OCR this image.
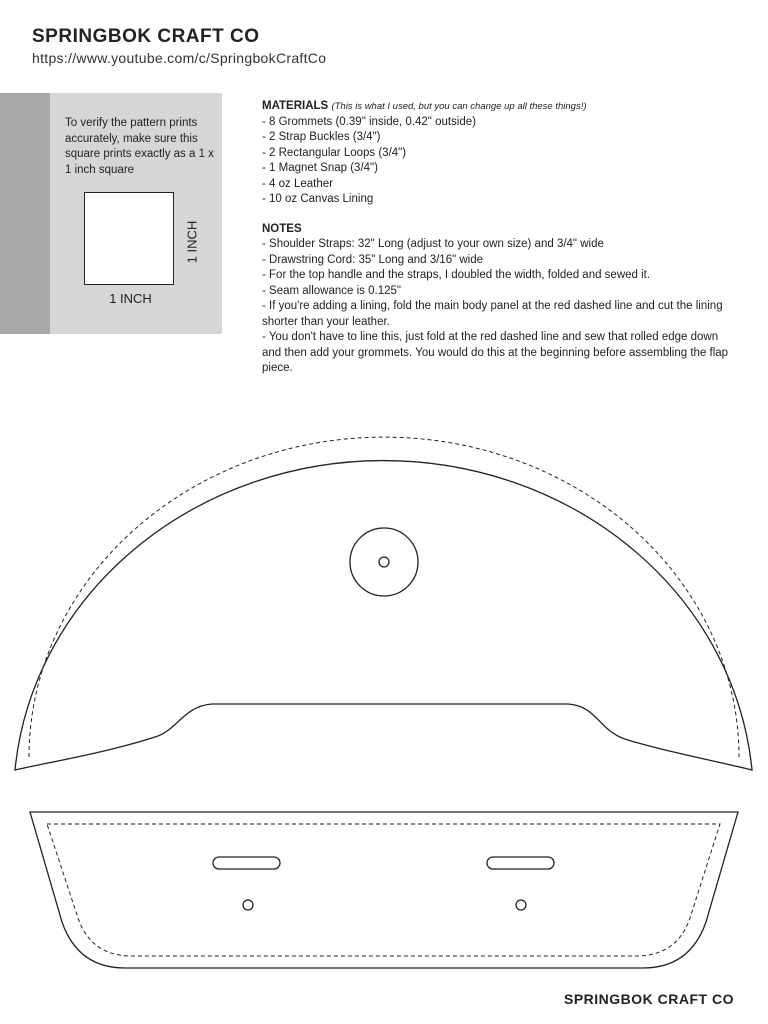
SPRINGBOK CRAFT CO
https://www.youtube.com/c/SpringbokCraftCo
To verify the pattern prints accurately, make sure this square prints exactly as a 1 x 1 inch square
1 INCH
1 INCH
MATERIALS (This is what I used, but you can change up all these things!)
- 8 Grommets (0.39" inside, 0.42" outside)
- 2 Strap Buckles (3/4")
- 2 Rectangular Loops (3/4")
- 1 Magnet Snap (3/4")
- 4 oz Leather
- 10 oz Canvas Lining
NOTES
- Shoulder Straps: 32" Long (adjust to your own size) and 3/4" wide
- Drawstring Cord: 35" Long and 3/16" wide
- For the top handle and the straps, I doubled the width, folded and sewed it.
- Seam allowance is 0.125"
- If you're adding a lining, fold the main body panel at the red dashed line and cut the lining shorter than your leather.
- You don't have to line this, just fold at the red dashed line and sew that rolled edge down and then add your grommets. You would do this at the beginning before assembling the flap piece.
SPRINGBOK CRAFT CO
